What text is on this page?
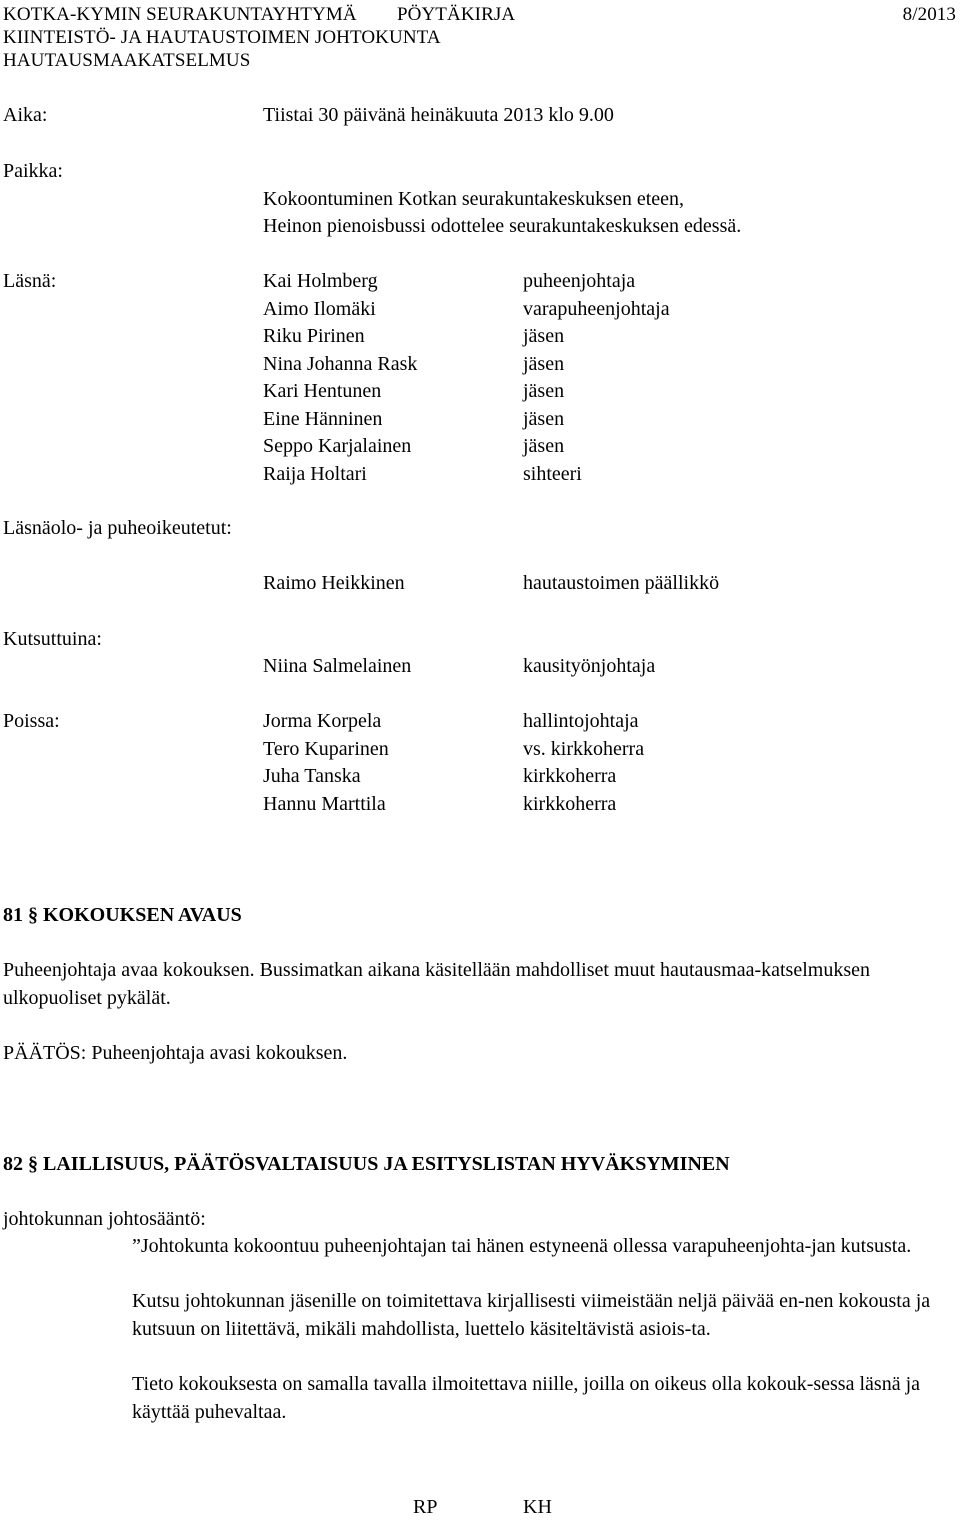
KOTKA-KYMIN SEURAKUNTAYHTYMÄ PÖYTÄKIRJA	8/2013
KIINTEISTÖ- JA HAUTAUSTOIMEN JOHTOKUNTA
HAUTAUSMAAKATSELMUS
Aika:	Tiistai 30 päivänä heinäkuuta 2013 klo 9.00
Paikka:
Kokoontuminen Kotkan seurakuntakeskuksen eteen,
Heinon pienoisbussi odottelee seurakuntakeskuksen edessä.
Läsnä:	Kai Holmberg	puheenjohtaja
Aimo Ilomäki	varapuheenjohtaja
Riku Pirinen	jäsen
Nina Johanna Rask	jäsen
Kari Hentunen	jäsen
Eine Hänninen	jäsen
Seppo Karjalainen	jäsen
Raija Holtari	sihteeri
Läsnäolo- ja puheoikeutetut:
Raimo Heikkinen	hautaustoimen päällikkö
Kutsuttuina:
Niina Salmelainen	kausityönjohtaja
Poissa:	Jorma Korpela	hallintojohtaja
Tero Kuparinen	vs. kirkkoherra
Juha Tanska	kirkkoherra
Hannu Marttila	kirkkoherra
81 § KOKOUKSEN AVAUS
Puheenjohtaja avaa kokouksen. Bussimatkan aikana käsitellään mahdolliset muut hautausmaa-katselmuksen ulkopuoliset pykälät.
PÄÄTÖS: Puheenjohtaja avasi kokouksen.
82 § LAILLISUUS, PÄÄTÖSVALTAISUUS JA ESITYSLISTAN HYVÄKSYMINEN
johtokunnan johtosääntö:
”Johtokunta kokoontuu puheenjohtajan tai hänen estyneenä ollessa varapuheenjohta-jan kutsusta.
Kutsu johtokunnan jäsenille on toimitettava kirjallisesti viimeistään neljä päivää en-nen kokousta ja kutsuun on liitettävä, mikäli mahdollista, luettelo käsiteltävistä asiois-ta.
Tieto kokouksesta on samalla tavalla ilmoitettava niille, joilla on oikeus olla kokouk-sessa läsnä ja käyttää puhevaltaa.
RP	KH
